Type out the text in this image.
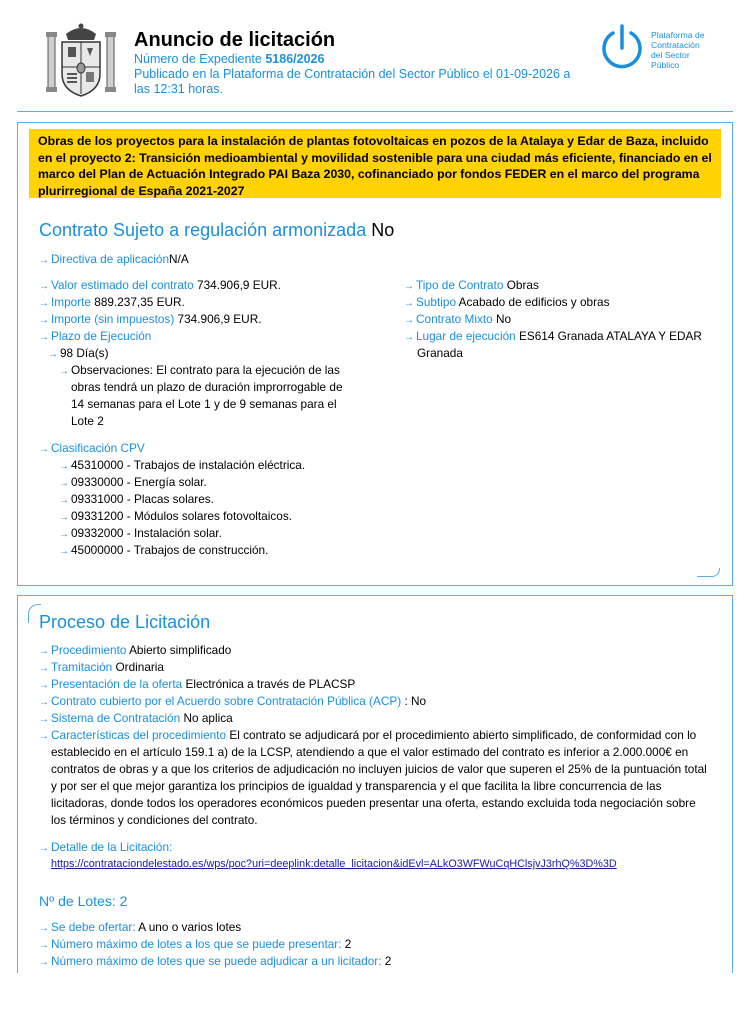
Anuncio de licitación
Número de Expediente 5186/2026
Publicado en la Plataforma de Contratación del Sector Público el 01-09-2026 a
las 12:31 horas.
Plataforma de
Contratación
del Sector
Público
Obras de los proyectos para la instalación de plantas fotovoltaicas en pozos de la Atalaya y Edar de Baza, incluido en el proyecto 2: Transición medioambiental y movilidad sostenible para una ciudad más eficiente, financiado en el marco del Plan de Actuación Integrado PAI Baza 2030, cofinanciado por fondos FEDER en el marco del programa plurirregional de España 2021-2027
Contrato Sujeto a regulación armonizada No
→ Directiva de aplicaciónN/A
→ Valor estimado del contrato 734.906,9 EUR.
→ Importe 889.237,35 EUR.
→ Importe (sin impuestos) 734.906,9 EUR.
→ Plazo de Ejecución
→ 98 Día(s)
→ Observaciones: El contrato para la ejecución de las
obras tendrá un plazo de duración improrrogable de
14 semanas para el Lote 1 y de 9 semanas para el
Lote 2
→ Tipo de Contrato Obras
→ Subtipo Acabado de edificios y obras
→ Contrato Mixto No
→ Lugar de ejecución ES614 Granada ATALAYA Y EDAR
Granada
→ Clasificación CPV
→ 45310000 - Trabajos de instalación eléctrica.
→ 09330000 - Energía solar.
→ 09331000 - Placas solares.
→ 09331200 - Módulos solares fotovoltaicos.
→ 09332000 - Instalación solar.
→ 45000000 - Trabajos de construcción.
Proceso de Licitación
→ Procedimiento Abierto simplificado
→ Tramitación Ordinaria
→ Presentación de la oferta Electrónica a través de PLACSP
→ Contrato cubierto por el Acuerdo sobre Contratación Pública (ACP) : No
→ Sistema de Contratación No aplica
→ Características del procedimiento El contrato se adjudicará por el procedimiento abierto simplificado, de conformidad con lo
establecido en el artículo 159.1 a) de la LCSP, atendiendo a que el valor estimado del contrato es inferior a 2.000.000€ en
contratos de obras y a que los criterios de adjudicación no incluyen juicios de valor que superen el 25% de la puntuación total
y por ser el que mejor garantiza los principios de igualdad y transparencia y el que facilita la libre concurrencia de las
licitadoras, donde todos los operadores económicos pueden presentar una oferta, estando excluida toda negociación sobre
los términos y condiciones del contrato.
→ Detalle de la Licitación:
https://contrataciondelestado.es/wps/poc?uri=deeplink:detalle_licitacion&idEvl=ALkO3WFWuCqHClsjvJ3rhQ%3D%3D
Nº de Lotes: 2
→ Se debe ofertar: A uno o varios lotes
→ Número máximo de lotes a los que se puede presentar: 2
→ Número máximo de lotes que se puede adjudicar a un licitador: 2
